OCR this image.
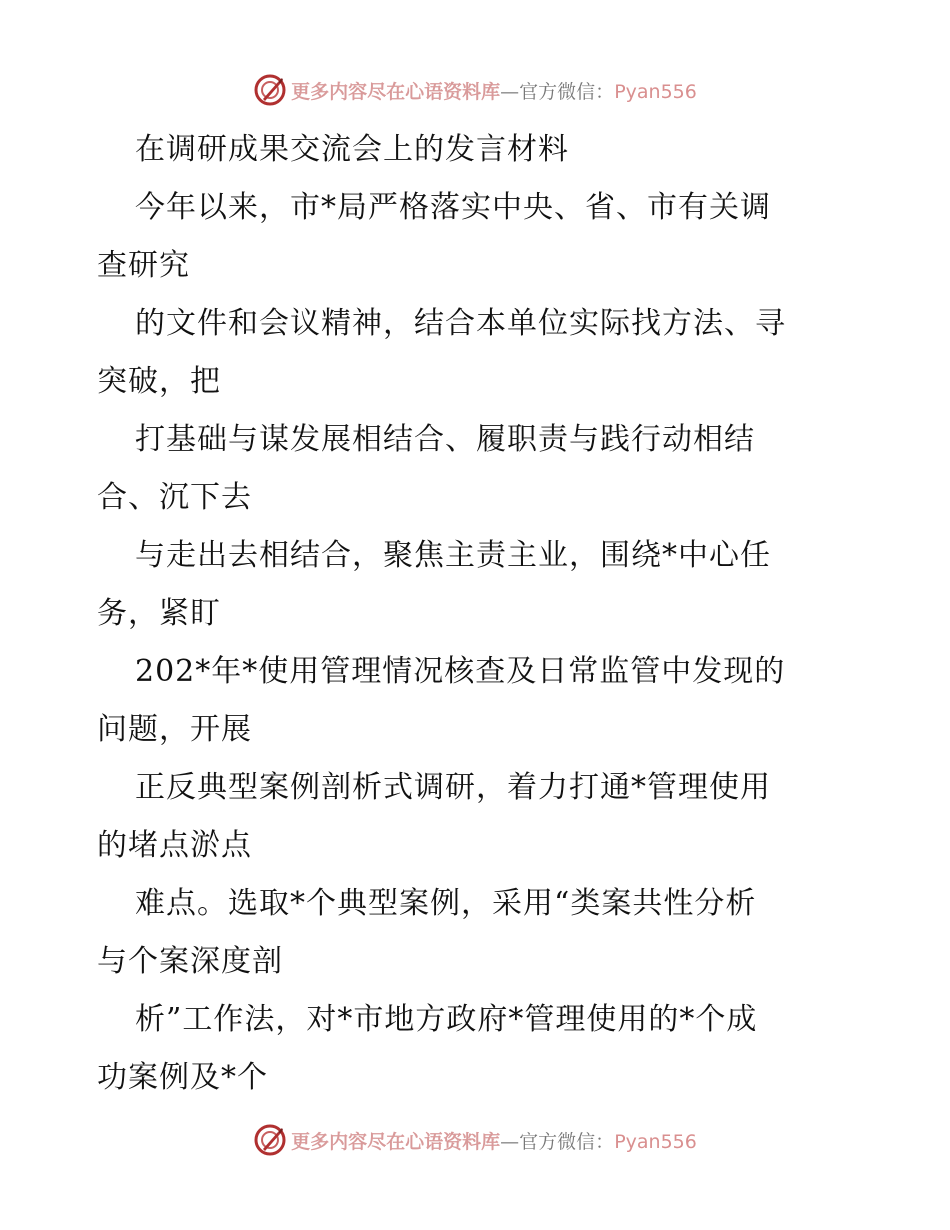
更多内容尽在心语资料库—官方微信：Pyan556
在调研成果交流会上的发言材料
今年以来，市*局严格落实中央、省、市有关调
查研究
的文件和会议精神，结合本单位实际找方法、寻
突破，把
打基础与谋发展相结合、履职责与践行动相结
合、沉下去
与走出去相结合，聚焦主责主业，围绕*中心任
务，紧盯
202*年*使用管理情况核查及日常监管中发现的
问题，开展
正反典型案例剖析式调研，着力打通*管理使用
的堵点淤点
难点。选取*个典型案例，采用“类案共性分析
与个案深度剖
析”工作法，对*市地方政府*管理使用的*个成
功案例及*个
更多内容尽在心语资料库—官方微信：Pyan556
